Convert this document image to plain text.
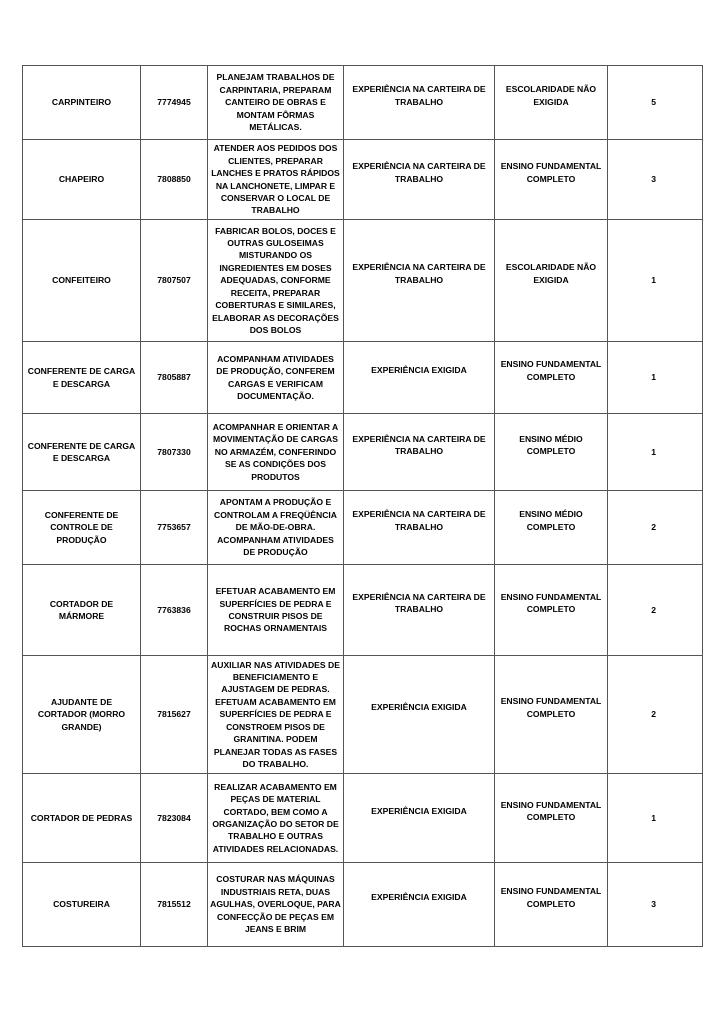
CARPINTEIRO	7774945	PLANEJAM TRABALHOS DE CARPINTARIA, PREPARAM CANTEIRO DE OBRAS E MONTAM FÔRMAS METÁLICAS.	EXPERIÊNCIA NA CARTEIRA DE TRABALHO	ESCOLARIDADE NÃO EXIGIDA	5
CHAPEIRO	7808850	ATENDER AOS PEDIDOS DOS CLIENTES, PREPARAR LANCHES E PRATOS RÁPIDOS NA LANCHONETE, LIMPAR E CONSERVAR O LOCAL DE TRABALHO	EXPERIÊNCIA NA CARTEIRA DE TRABALHO	ENSINO FUNDAMENTAL COMPLETO	3
CONFEITEIRO	7807507	FABRICAR BOLOS, DOCES E OUTRAS GULOSEIMAS MISTURANDO OS INGREDIENTES EM DOSES ADEQUADAS, CONFORME RECEITA, PREPARAR COBERTURAS E SIMILARES, ELABORAR AS DECORAÇÕES DOS BOLOS	EXPERIÊNCIA NA CARTEIRA DE TRABALHO	ESCOLARIDADE NÃO EXIGIDA	1
CONFERENTE DE CARGA E DESCARGA	7805887	ACOMPANHAM ATIVIDADES DE PRODUÇÃO, CONFEREM CARGAS E VERIFICAM DOCUMENTAÇÃO.	EXPERIÊNCIA EXIGIDA	ENSINO FUNDAMENTAL COMPLETO	1
CONFERENTE DE CARGA E DESCARGA	7807330	ACOMPANHAR E ORIENTAR A MOVIMENTAÇÃO DE CARGAS NO ARMAZÉM, CONFERINDO SE AS CONDIÇÕES DOS PRODUTOS	EXPERIÊNCIA NA CARTEIRA DE TRABALHO	ENSINO MÉDIO COMPLETO	1
CONFERENTE DE CONTROLE DE PRODUÇÃO	7753657	APONTAM A PRODUÇÃO E CONTROLAM A FREQÜÊNCIA DE MÃO-DE-OBRA. ACOMPANHAM ATIVIDADES DE PRODUÇÃO	EXPERIÊNCIA NA CARTEIRA DE TRABALHO	ENSINO MÉDIO COMPLETO	2
CORTADOR DE MÁRMORE	7763836	EFETUAR ACABAMENTO EM SUPERFÍCIES DE PEDRA E CONSTRUIR PISOS DE ROCHAS ORNAMENTAIS	EXPERIÊNCIA NA CARTEIRA DE TRABALHO	ENSINO FUNDAMENTAL COMPLETO	2
AJUDANTE DE CORTADOR (MORRO GRANDE)	7815627	AUXILIAR NAS ATIVIDADES DE BENEFICIAMENTO E AJUSTAGEM DE PEDRAS. EFETUAM ACABAMENTO EM SUPERFÍCIES DE PEDRA E CONSTROEM PISOS DE GRANITINA. PODEM PLANEJAR TODAS AS FASES DO TRABALHO.	EXPERIÊNCIA EXIGIDA	ENSINO FUNDAMENTAL COMPLETO	2
CORTADOR DE PEDRAS	7823084	REALIZAR ACABAMENTO EM PEÇAS DE MATERIAL CORTADO, BEM COMO A ORGANIZAÇÃO DO SETOR DE TRABALHO E OUTRAS ATIVIDADES RELACIONADAS.	EXPERIÊNCIA EXIGIDA	ENSINO FUNDAMENTAL COMPLETO	1
COSTUREIRA	7815512	COSTURAR NAS MÁQUINAS INDUSTRIAIS RETA, DUAS AGULHAS, OVERLOQUE, PARA CONFECÇÃO DE PEÇAS EM JEANS E BRIM	EXPERIÊNCIA EXIGIDA	ENSINO FUNDAMENTAL COMPLETO	3
